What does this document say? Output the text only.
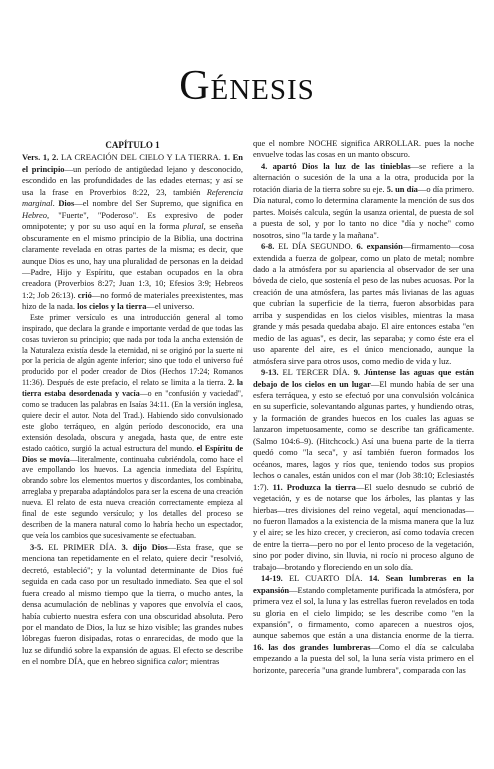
Génesis
CAPÍTULO 1

Vers. 1, 2. LA CREACIÓN DEL CIELO Y LA TIERRA. 1. En el principio—un período de antigüedad lejano y desconocido, escondido en las profundidades de las edades eternas; y así se usa la frase en Proverbios 8:22, 23, también Referencia marginal. Dios—el nombre del Ser Supremo, que significa en Hebreo, "Fuerte", "Poderoso". Es expresivo de poder omnipotente; y por su uso aquí en la forma plural, se enseña obscuramente en el mismo principio de la Biblia, una doctrina claramente revelada en otras partes de la misma; es decir, que aunque Dios es uno, hay una pluralidad de personas en la deidad—Padre, Hijo y Espíritu, que estaban ocupados en la obra creadora (Proverbios 8:27; Juan 1:3, 10; Efesios 3:9; Hebreos 1:2; Job 26:13). crió—no formó de materiales preexistentes, mas hizo de la nada. los cielos y la tierra—el universo.

Este primer versículo es una introducción general al tomo inspirado, que declara la grande e importante verdad de que todas las cosas tuvieron su principio; que nada por toda la ancha extensión de la Naturaleza existía desde la eternidad, ni se originó por la suerte ni por la pericia de algún agente inferior; sino que todo el universo fué producido por el poder creador de Dios (Hechos 17:24; Romanos 11:36). Después de este prefacio, el relato se limita a la tierra. 2. la tierra estaba desordenada y vacía—o en "confusión y vaciedad", como se traducen las palabras en Isaías 34:11. (En la versión inglesa, quiere decir el autor. Nota del Trad.). Habiendo sido convulsionado este globo terráqueo, en algún período desconocido, era una extensión desolada, obscura y anegada, hasta que, de entre este estado caótico, surgió la actual estructura del mundo. el Espíritu de Dios se movía—literalmente, continuaba cubriéndola, como hace el ave empollando los huevos. La agencia inmediata del Espíritu, obrando sobre los elementos muertos y discordantes, los combinaba, arreglaba y preparaba adaptándolos para ser la escena de una creación nueva. El relato de esta nueva creación correctamente empieza al final de este segundo versículo; y los detalles del proceso se describen de la manera natural como lo habría hecho un espectador, que veía los cambios que sucesivamente se efectuaban.

3-5. EL PRIMER DÍA. 3. dijo Dios—Esta frase, que se menciona tan repetidamente en el relato, quiere decir "resolvió, decretó, estableció"; y la voluntad determinante de Dios fué seguida en cada caso por un resultado inmediato. Sea que el sol fuera creado al mismo tiempo que la tierra, o mucho antes, la densa acumulación de neblinas y vapores que envolvía el caos, había cubierto nuestra esfera con una obscuridad absoluta. Pero por el mandato de Dios, la luz se hizo visible; las grandes nubes lóbregas fueron disipadas, rotas o enrarecidas, de modo que la luz se difundió sobre la expansión de aguas. El efecto se describe en el nombre DÍA, que en hebreo significa calor; mientras

que el nombre NOCHE significa ARROLLAR. pues la noche envuelve todas las cosas en un manto obscuro.

4. apartó Dios la luz de las tinieblas—se refiere a la alternación o sucesión de la una a la otra, producida por la rotación diaria de la tierra sobre su eje. 5. un día—o día primero. Día natural, como lo determina claramente la mención de sus dos partes. Moisés calcula, según la usanza oriental, de puesta de sol a puesta de sol, y por lo tanto no dice "día y noche" como nosotros, sino "la tarde y la mañana".

6-8. EL DÍA SEGUNDO. 6. expansión—firmamento—cosa extendida a fuerza de golpear, como un plato de metal; nombre dado a la atmósfera por su apariencia al observador de ser una bóveda de cielo, que sostenía el peso de las nubes acuosas. Por la creación de una atmósfera, las partes más livianas de las aguas que cubrían la superficie de la tierra, fueron absorbidas para arriba y suspendidas en los cielos visibles, mientras la masa grande y más pesada quedaba abajo. El aire entonces estaba "en medio de las aguas", es decir, las separaba; y como éste era el uso aparente del aire, es el único mencionado, aunque la atmósfera sirve para otros usos, como medio de vida y luz.

9-13. EL TERCER DÍA. 9. Júntense las aguas que están debajo de los cielos en un lugar—El mundo había de ser una esfera terráquea, y esto se efectuó por una convulsión volcánica en su superficie, solevantando algunas partes, y hundiendo otras, y la formación de grandes huecos en los cuales las aguas se lanzaron impetuosamente, como se describe tan gráficamente. (Salmo 104:6–9). (Hitchcock.) Así una buena parte de la tierra quedó como "la seca", y así también fueron formados los océanos, mares, lagos y ríos que, teniendo todos sus propios lechos o canales, están unidos con el mar (Job 38:10; Eclesiastés 1:7). 11. Produzca la tierra—El suelo desnudo se cubrió de vegetación, y es de notarse que los árboles, las plantas y las hierbas—tres divisiones del reino vegetal, aquí mencionadas—no fueron llamados a la existencia de la misma manera que la luz y el aire; se les hizo crecer, y crecieron, así como todavía crecen de entre la tierra—pero no por el lento proceso de la vegetación, sino por poder divino, sin lluvia, ni rocío ni proceso alguno de trabajo—brotando y floreciendo en un solo día.

14-19. EL CUARTO DÍA. 14. Sean lumbreras en la expansión—Estando completamente purificada la atmósfera, por primera vez el sol, la luna y las estrellas fueron revelados en toda su gloria en el cielo limpido; se les describe como "en la expansión", o firmamento, como aparecen a nuestros ojos, aunque sabemos que están a una distancia enorme de la tierra. 16. las dos grandes lumbreras—Como el día se calculaba empezando a la puesta del sol, la luna sería vista primero en el horizonte, parecería "una grande lumbrera", comparada con las
